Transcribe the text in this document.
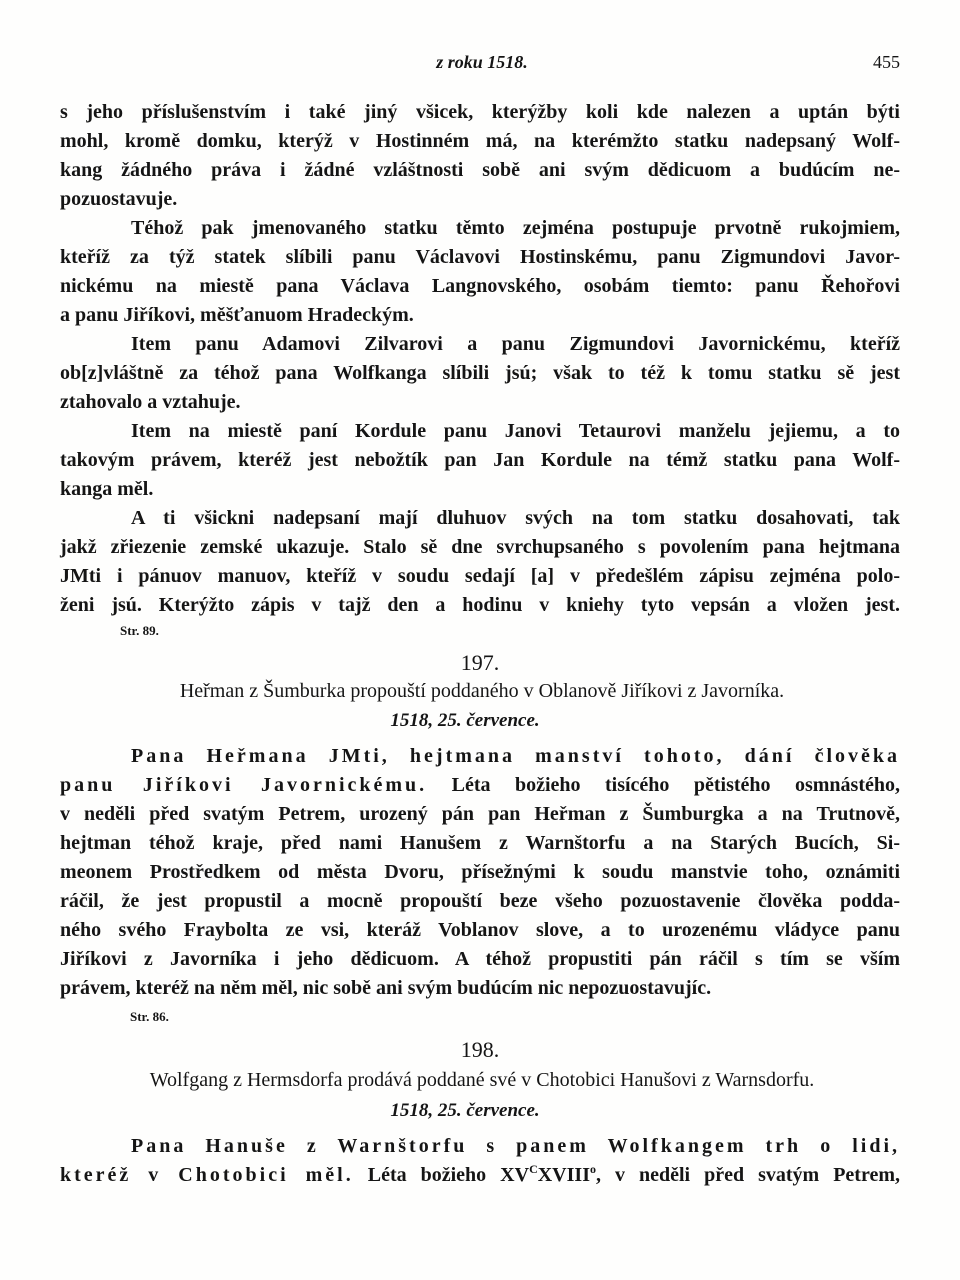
z roku 1518.	455
s jeho příslušenstvím i také jiný všicek, kterýžby koli kde nalezen a uptán býti
mohl, kromě domku, kterýž v Hostinném má, na kterémžto statku nadepsaný Wolf-
kang žádného práva i žádné vzláštnosti sobě ani svým dědicuom a budúcím ne-
pozuostavuje.
Téhož pak jmenovaného statku těmto zejména postupuje prvotně rukojmiem,
kteříž za týž statek slíbili panu Václavovi Hostinskému, panu Zigmundovi Javor-
nickému na miestě pana Václava Langnovského, osobám tiemto: panu Řehořovi
a panu Jiříkovi, měšťanuom Hradeckým.
Item panu Adamovi Zilvarovi a panu Zigmundovi Javornickému, kteříž
ob[z]vláštně za téhož pana Wolfkanga slíbili jsú; však to též k tomu statku sě jest
ztahovalo a vztahuje.
Item na miestě paní Kordule panu Janovi Tetaurovi manželu jejiemu, a to
takovým právem, kteréž jest nebožtík pan Jan Kordule na témž statku pana Wolf-
kanga měl.
A ti všickni nadepsaní mají dluhuov svých na tom statku dosahovati, tak
jakž zřiezenie zemské ukazuje. Stalo sě dne svrchupsaného s povolením pana hejtmana
JMti i pánuov manuov, kteříž v soudu sedají [a] v předešlém zápisu zejména polo-
ženi jsú. Kterýžto zápis v tajž den a hodinu v kniehy tyto vepsán a vložen jest.
Str. 89.
197.
Heřman z Šumburka propouští poddaného v Oblanově Jiříkovi z Javorníka.
1518, 25. července.
Pana Heřmana JMti, hejtmana manství tohoto, dání člověka
panu Jiříkovi Javornickému. Léta božieho tisícého pětistého osmnástého,
v neděli před svatým Petrem, urozený pán pan Heřman z Šumburgka a na Trutnově,
hejtman téhož kraje, před nami Hanušem z Warnštorfu a na Starých Bucích, Si-
meonem Prostředkem od města Dvoru, přísežnými k soudu manstvie toho, oznámiti
ráčil, že jest propustil a mocně propouští beze všeho pozuostavenie člověka podda-
ného svého Fraybolta ze vsi, kteráž Voblanov slove, a to urozenému vládyce panu
Jiříkovi z Javorníka i jeho dědicuom. A téhož propustiti pán ráčil s tím se vším
právem, kteréž na něm měl, nic sobě ani svým budúcím nic nepozuostavujíc.
Str. 86.
198.
Wolfgang z Hermsdorfa prodává poddané své v Chotobici Hanušovi z Warnsdorfu.
1518, 25. července.
Pana Hanuše z Warnštorfu s panem Wolfkangem trh o lidi,
kteréž v Chotobici měl. Léta božieho $XV^CXVIII^o$, v neděli před svatým Petrem,
